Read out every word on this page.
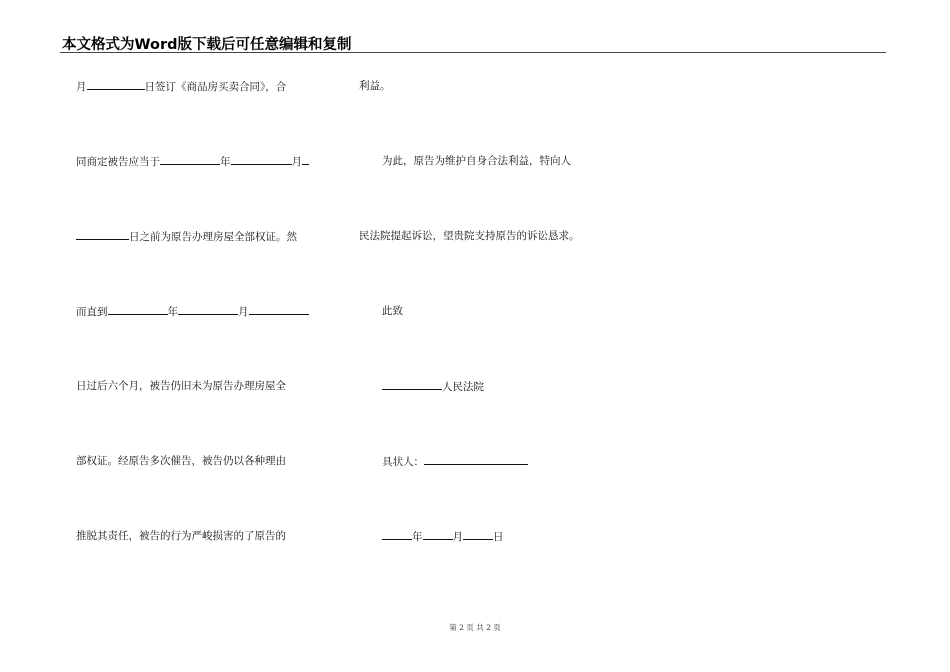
本文格式为Word版下载后可任意编辑和复制
月	日签订《商品房买卖合同》，合
同商定被告应当于	年	月
日之前为原告办理房屋全部权证。然
而直到	年	月
日过后六个月，被告仍旧未为原告办理房屋全
部权证。经原告多次催告，被告仍以各种理由
推脱其责任，被告的行为严峻损害的了原告的
利益。
为此，原告为维护自身合法利益，特向人
民法院提起诉讼，望贵院支持原告的诉讼恳求。
此致
人民法院
具状人：
年	月	日
第 2 页 共 2 页
